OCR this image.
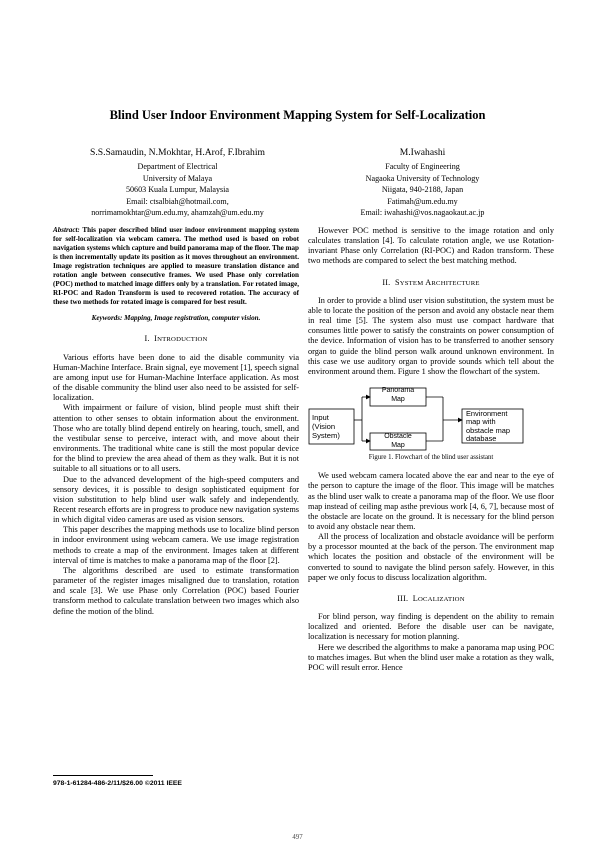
Blind User Indoor Environment Mapping System for Self-Localization
S.S.Samaudin, N.Mokhtar, H.Arof, F.Ibrahim
Department of Electrical
University of Malaya
50603 Kuala Lumpur, Malaysia
Email: ctsalbiah@hotmail.com,
norrimamokhtar@um.edu.my, ahamzah@um.edu.my
M.Iwahashi
Faculty of Engineering
Nagaoka University of Technology
Niigata, 940-2188, Japan
Fatimah@um.edu.my
Email: iwahashi@vos.nagaokaut.ac.jp

Abstract: This paper described blind user indoor environment mapping system for self-localization via webcam camera. The method used is based on robot navigation systems which capture and build panorama map of the floor. The map is then incrementally update its position as it moves throughout an environment. Image registration techniques are applied to measure translation distance and rotation angle between consecutive frames. We used Phase only correlation (POC) method to matched image differs only by a translation. For rotated image, RI-POC and Radon Transform is used to recovered rotation. The accuracy of these two methods for rotated image is compared for best result.

Keywords: Mapping, Image registration, computer vision.
I. INTRODUCTION

Various efforts have been done to aid the disable community via Human-Machine Interface. Brain signal, eye movement [1], speech signal are among input use for Human-Machine Interface application. As most of the disable community the blind user also need to be assisted for self-localization.

With impairment or failure of vision, blind people must shift their attention to other senses to obtain information about the environment. Those who are totally blind depend entirely on hearing, touch, smell, and the vestibular sense to perceive, interact with, and move about their environments. The traditional white cane is still the most popular device for the blind to preview the area ahead of them as they walk. But it is not suitable to all situations or to all users.

Due to the advanced development of the high-speed computers and sensory devices, it is possible to design sophisticated equipment for vision substitution to help blind user walk safely and independently. Recent research efforts are in progress to produce new navigation systems in which digital video cameras are used as vision sensors.

This paper describes the mapping methods use to localize blind person in indoor environment using webcam camera. We use image registration methods to create a map of the environment. Images taken at different interval of time is matches to make a panorama map of the floor [2].

The algorithms described are used to estimate transformation parameter of the register images misaligned due to translation, rotation and scale [3]. We use Phase only Correlation (POC) based Fourier transform method to calculate translation between two images which also define the motion of the blind.

However POC method is sensitive to the image rotation and only calculates translation [4]. To calculate rotation angle, we use Rotation-invariant Phase only Correlation (RI-POC) and Radon transform. These two methods are compared to select the best matching method.

II. SYSTEM ARCHITECTURE

In order to provide a blind user vision substitution, the system must be able to locate the position of the person and avoid any obstacle near them in real time [5]. The system also must use compact hardware that consumes little power to satisfy the constraints on power consumption of the device. Information of vision has to be transferred to another sensory organ to guide the blind person walk around unknown environment. In this case we use auditory organ to provide sounds which tell about the environment around them. Figure 1 show the flowchart of the system.

Input
(Vision
System)
Panorama
Map
Obstacle
Map
Environment
map with
obstacle map
database
Figure 1. Flowchart of the blind user assistant

We used webcam camera located above the ear and near to the eye of the person to capture the image of the floor. This image will be matches as the blind user walk to create a panorama map of the floor. We use floor map instead of ceiling map asthe previous work [4, 6, 7], because most of the obstacle are locate on the ground. It is necessary for the blind person to avoid any obstacle near them.

All the process of localization and obstacle avoidance will be perform by a processor mounted at the back of the person. The environment map which locates the position and obstacle of the environment will be converted to sound to navigate the blind person safely. However, in this paper we only focus to discuss localization algorithm.

III. LOCALIZATION

For blind person, way finding is dependent on the ability to remain localized and oriented. Before the disable user can be navigate, localization is necessary for motion planning.

Here we described the algorithms to make a panorama map using POC to matches images. But when the blind user make a rotation as they walk, POC will result error. Hence

978-1-61284-486-2/11/$26.00 ©2011 IEEE
497
